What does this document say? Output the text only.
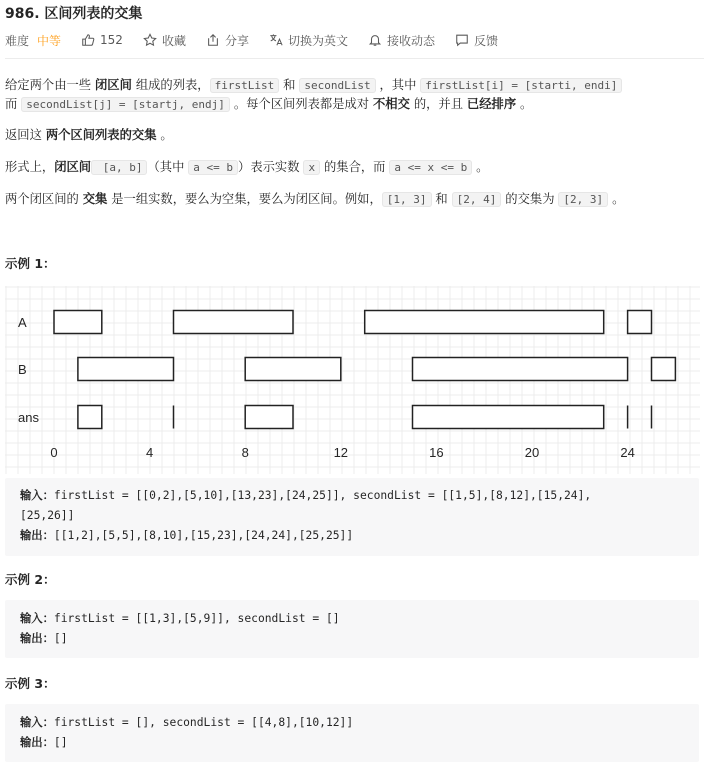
986. 区间列表的交集
难度 中等	152	收藏	分享	切换为英文	接收动态	反馈
给定两个由一些 闭区间 组成的列表， firstList 和 secondList ，其中 firstList[i] = [starti, endi]
而 secondList[j] = [startj, endj] 。每个区间列表都是成对 不相交 的，并且 已经排序 。
返回这 两个区间列表的交集 。
形式上，闭区间 [a, b] （其中 a <= b ）表示实数 x 的集合，而 a <= x <= b 。
两个闭区间的 交集 是一组实数，要么为空集，要么为闭区间。例如， [1, 3] 和 [2, 4] 的交集为 [2, 3] 。
示例 1：
A
B
ans
0	4	8	12	16	20	24
输入：firstList = [[0,2],[5,10],[13,23],[24,25]], secondList = [[1,5],[8,12],[15,24],
[25,26]]
输出：[[1,2],[5,5],[8,10],[15,23],[24,24],[25,25]]
示例 2：
输入：firstList = [[1,3],[5,9]], secondList = []
输出：[]
示例 3：
输入：firstList = [], secondList = [[4,8],[10,12]]
输出：[]
